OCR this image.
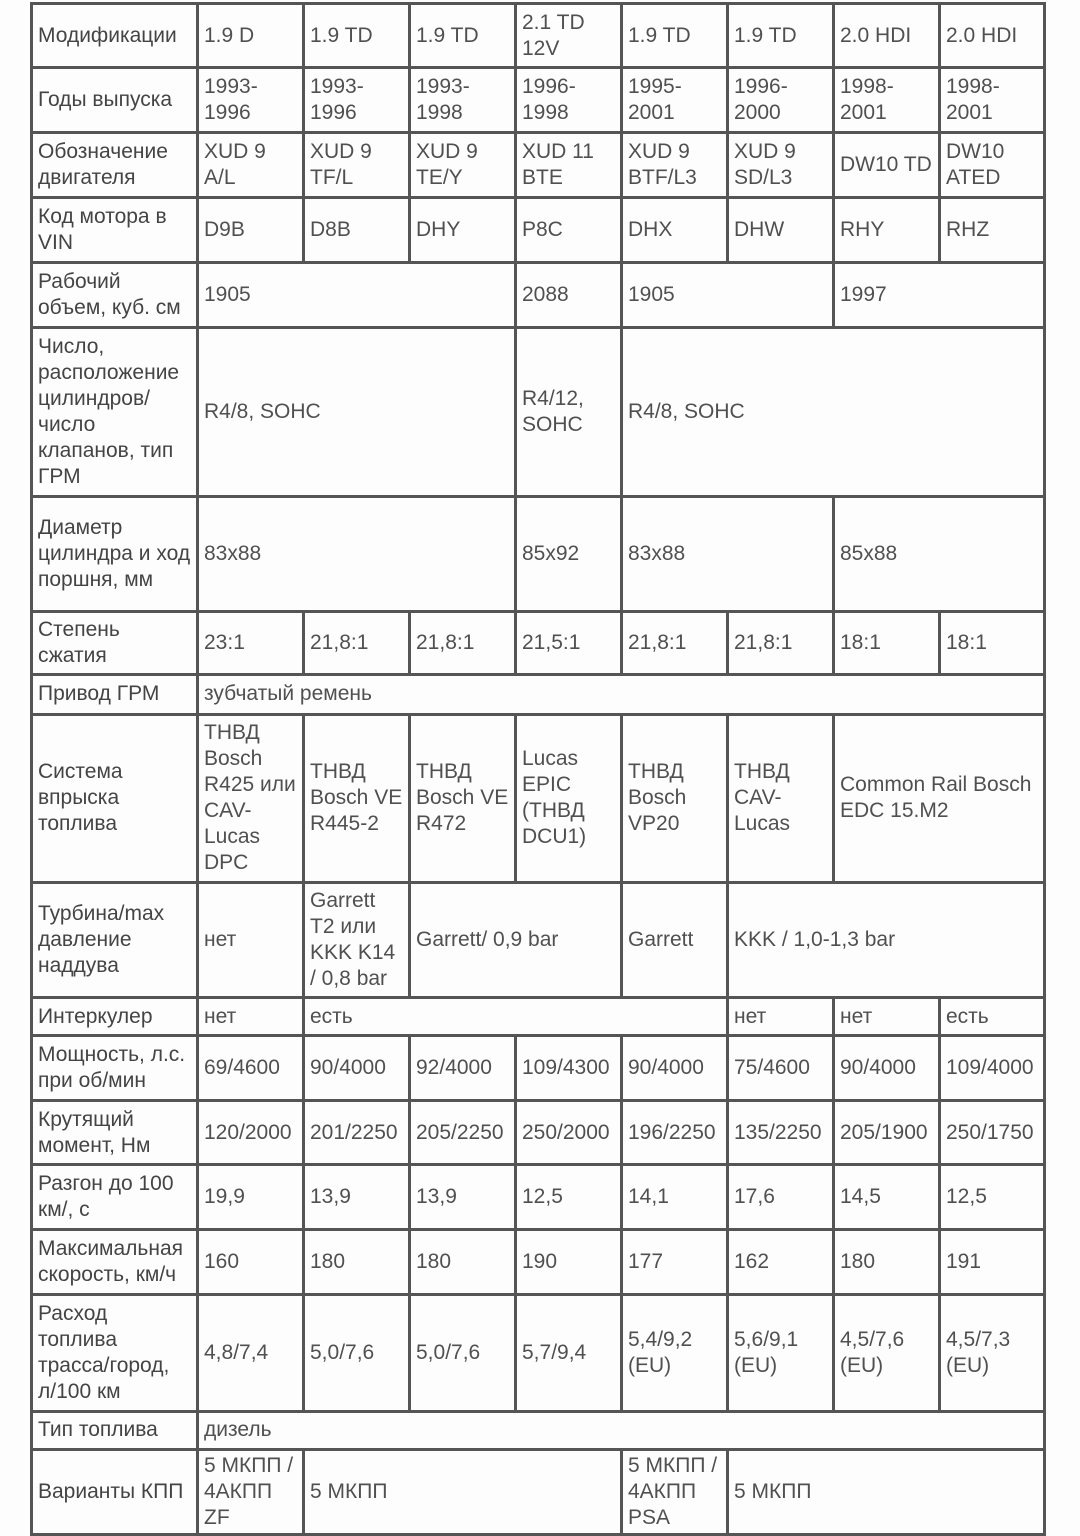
Модификации	1.9 D	1.9 TD	1.9 TD	2.1 TD 12V	1.9 TD	1.9 TD	2.0 HDI	2.0 HDI
Годы выпуска	1993-1996	1993-1996	1993-1998	1996-1998	1995-2001	1996-2000	1998-2001	1998-2001
Обозначение двигателя	XUD 9 A/L	XUD 9 TF/L	XUD 9 TE/Y	XUD 11 BTE	XUD 9 BTF/L3	XUD 9 SD/L3	DW10 TD	DW10 ATED
Код мотора в VIN	D9B	D8B	DHY	P8C	DHX	DHW	RHY	RHZ
Рабочий объем, куб. см	1905			2088	1905		1997	
Число, расположение цилиндров/ число клапанов, тип ГРМ	R4/8, SOHC			R4/12, SOHC	R4/8, SOHC			
Диаметр цилиндра и ход поршня, мм	83x88			85x92	83x88		85x88	
Степень сжатия	23:1	21,8:1	21,8:1	21,5:1	21,8:1	21,8:1	18:1	18:1
Привод ГРМ	зубчатый ремень							
Система впрыска топлива	ТНВД Bosch R425 или CAV-Lucas DPC	ТНВД Bosch VE R445-2	ТНВД Bosch VE R472	Lucas EPIC (ТНВД DCU1)	ТНВД Bosch VP20	ТНВД CAV-Lucas	Common Rail Bosch EDC 15.M2	
Турбина/max давление наддува	нет	Garrett T2 или KKK K14 / 0,8 bar	Garrett/ 0,9 bar		Garrett	KKK / 1,0-1,3 bar		
Интеркулер	нет	есть				нет	нет	есть
Мощность, л.с. при об/мин	69/4600	90/4000	92/4000	109/4300	90/4000	75/4600	90/4000	109/4000
Крутящий момент, Нм	120/2000	201/2250	205/2250	250/2000	196/2250	135/2250	205/1900	250/1750
Разгон до 100 км/, с	19,9	13,9	13,9	12,5	14,1	17,6	14,5	12,5
Максимальная скорость, км/ч	160	180	180	190	177	162	180	191
Расход топлива трасса/город, л/100 км	4,8/7,4	5,0/7,6	5,0/7,6	5,7/9,4	5,4/9,2 (EU)	5,6/9,1 (EU)	4,5/7,6 (EU)	4,5/7,3 (EU)
Тип топлива	дизель							
Варианты КПП	5 МКПП / 4АКПП ZF	5 МКПП			5 МКПП / 4АКПП PSA	5 МКПП		
